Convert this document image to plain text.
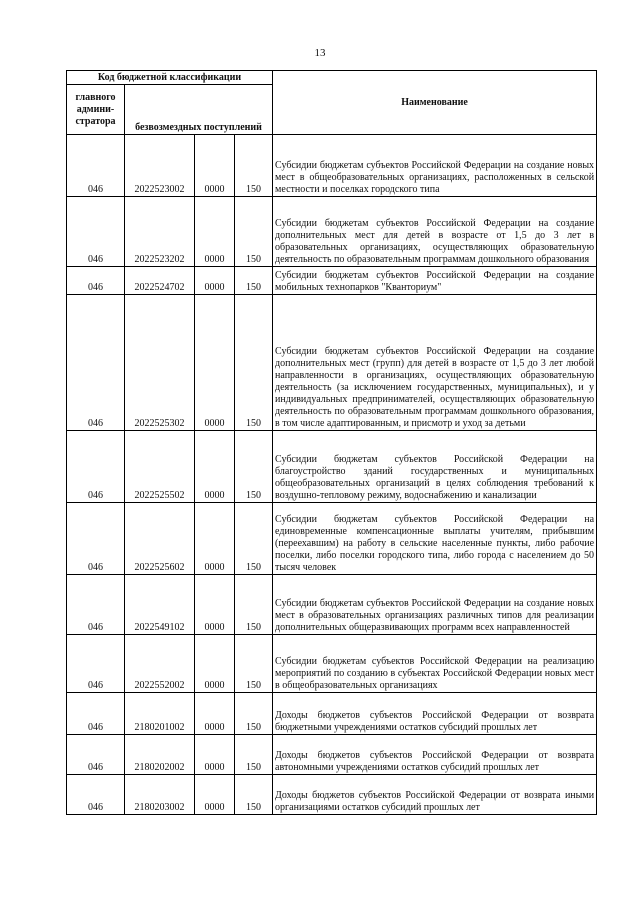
13
Код бюджетной классификации				Наименование
главного админи-стратора	безвозмездных поступлений			
046	2022523002	0000	150	Субсидии бюджетам субъектов Российской Федерации на создание новых мест в общеобразовательных организациях, расположенных в сельской местности и поселках городского типа
046	2022523202	0000	150	Субсидии бюджетам субъектов Российской Федерации на создание дополнительных мест для детей в возрасте от 1,5 до 3 лет в образовательных организациях, осуществляющих образовательную деятельность по образовательным программам дошкольного образования
046	2022524702	0000	150	Субсидии бюджетам субъектов Российской Федерации на создание мобильных технопарков "Кванториум"
046	2022525302	0000	150	Субсидии бюджетам субъектов Российской Федерации на создание дополнительных мест (групп) для детей в возрасте от 1,5 до 3 лет любой направленности в организациях, осуществляющих образовательную деятельность (за исключением государственных, муниципальных), и у индивидуальных предпринимателей, осуществляющих образовательную деятельность по образовательным программам дошкольного образования, в том числе адаптированным, и присмотр и уход за детьми
046	2022525502	0000	150	Субсидии бюджетам субъектов Российской Федерации на благоустройство зданий государственных и муниципальных общеобразовательных организаций в целях соблюдения требований к воздушно-тепловому режиму, водоснабжению и канализации
046	2022525602	0000	150	Субсидии бюджетам субъектов Российской Федерации на единовременные компенсационные выплаты учителям, прибывшим (переехавшим) на работу в сельские населенные пункты, либо рабочие поселки, либо поселки городского типа, либо города с населением до 50 тысяч человек
046	2022549102	0000	150	Субсидии бюджетам субъектов Российской Федерации на создание новых мест в образовательных организациях различных типов для реализации дополнительных общеразвивающих программ всех направленностей
046	2022552002	0000	150	Субсидии бюджетам субъектов Российской Федерации на реализацию мероприятий по созданию в субъектах Российской Федерации новых мест в общеобразовательных организациях
046	2180201002	0000	150	Доходы бюджетов субъектов Российской Федерации от возврата бюджетными учреждениями остатков субсидий прошлых лет
046	2180202002	0000	150	Доходы бюджетов субъектов Российской Федерации от возврата автономными учреждениями остатков субсидий прошлых лет
046	2180203002	0000	150	Доходы бюджетов субъектов Российской Федерации от возврата иными организациями остатков субсидий прошлых лет
